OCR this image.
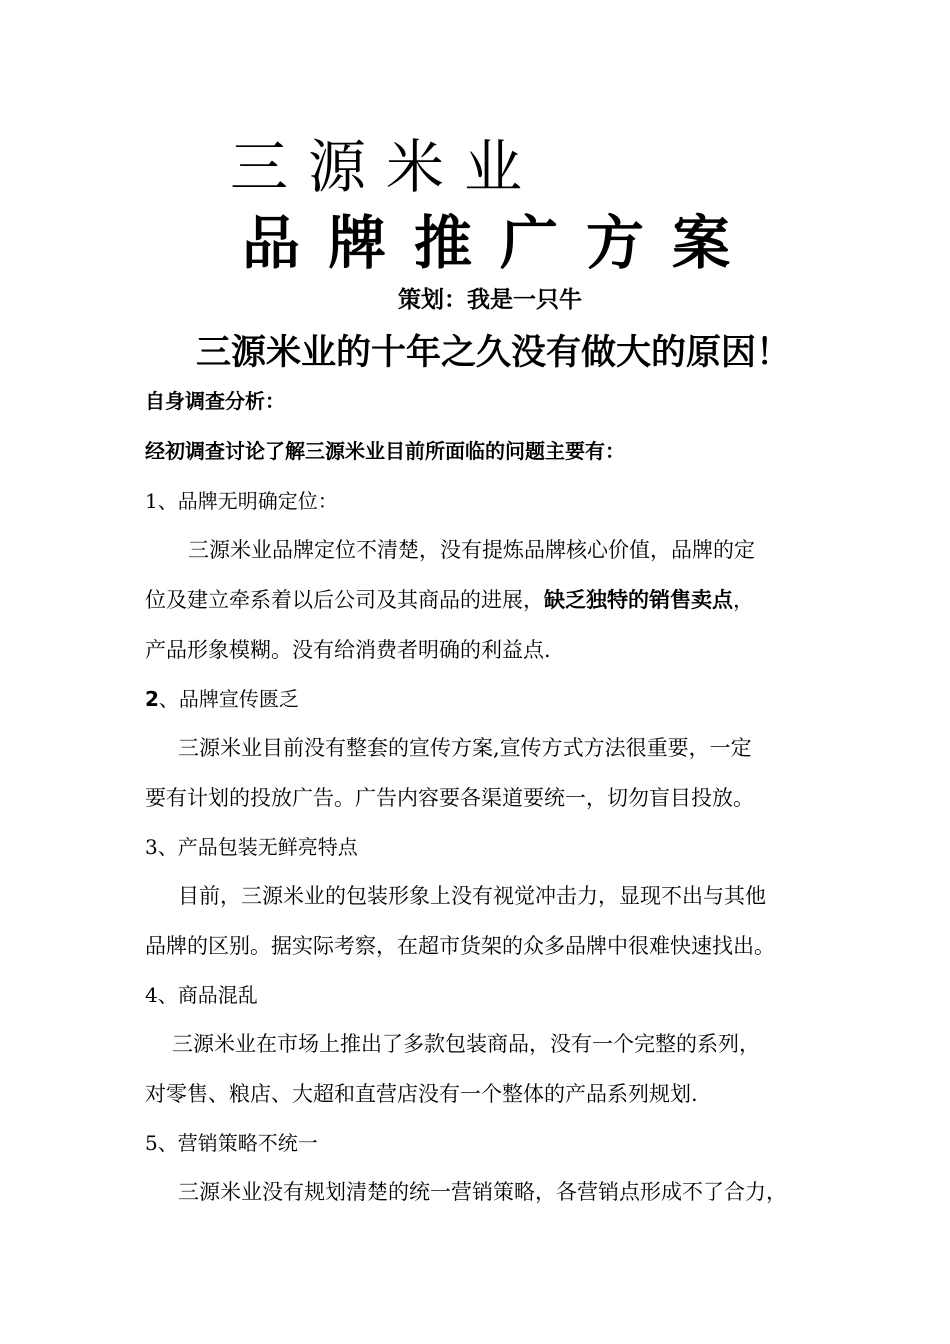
三源米业
品牌推广方案
策划：我是一只牛
三源米业的十年之久没有做大的原因！
自身调查分析：
经初调查讨论了解三源米业目前所面临的问题主要有：
1、品牌无明确定位：
三源米业品牌定位不清楚，没有提炼品牌核心价值，品牌的定
位及建立牵系着以后公司及其商品的进展，缺乏独特的销售卖点，
产品形象模糊。没有给消费者明确的利益点.
2、品牌宣传匮乏
三源米业目前没有整套的宣传方案,宣传方式方法很重要，一定
要有计划的投放广告。广告内容要各渠道要统一，切勿盲目投放。
3、产品包装无鲜亮特点
目前，三源米业的包装形象上没有视觉冲击力，显现不出与其他
品牌的区别。据实际考察，在超市货架的众多品牌中很难快速找出。
4、商品混乱
三源米业在市场上推出了多款包装商品，没有一个完整的系列，
对零售、粮店、大超和直营店没有一个整体的产品系列规划.
5、营销策略不统一
三源米业没有规划清楚的统一营销策略，各营销点形成不了合力，
